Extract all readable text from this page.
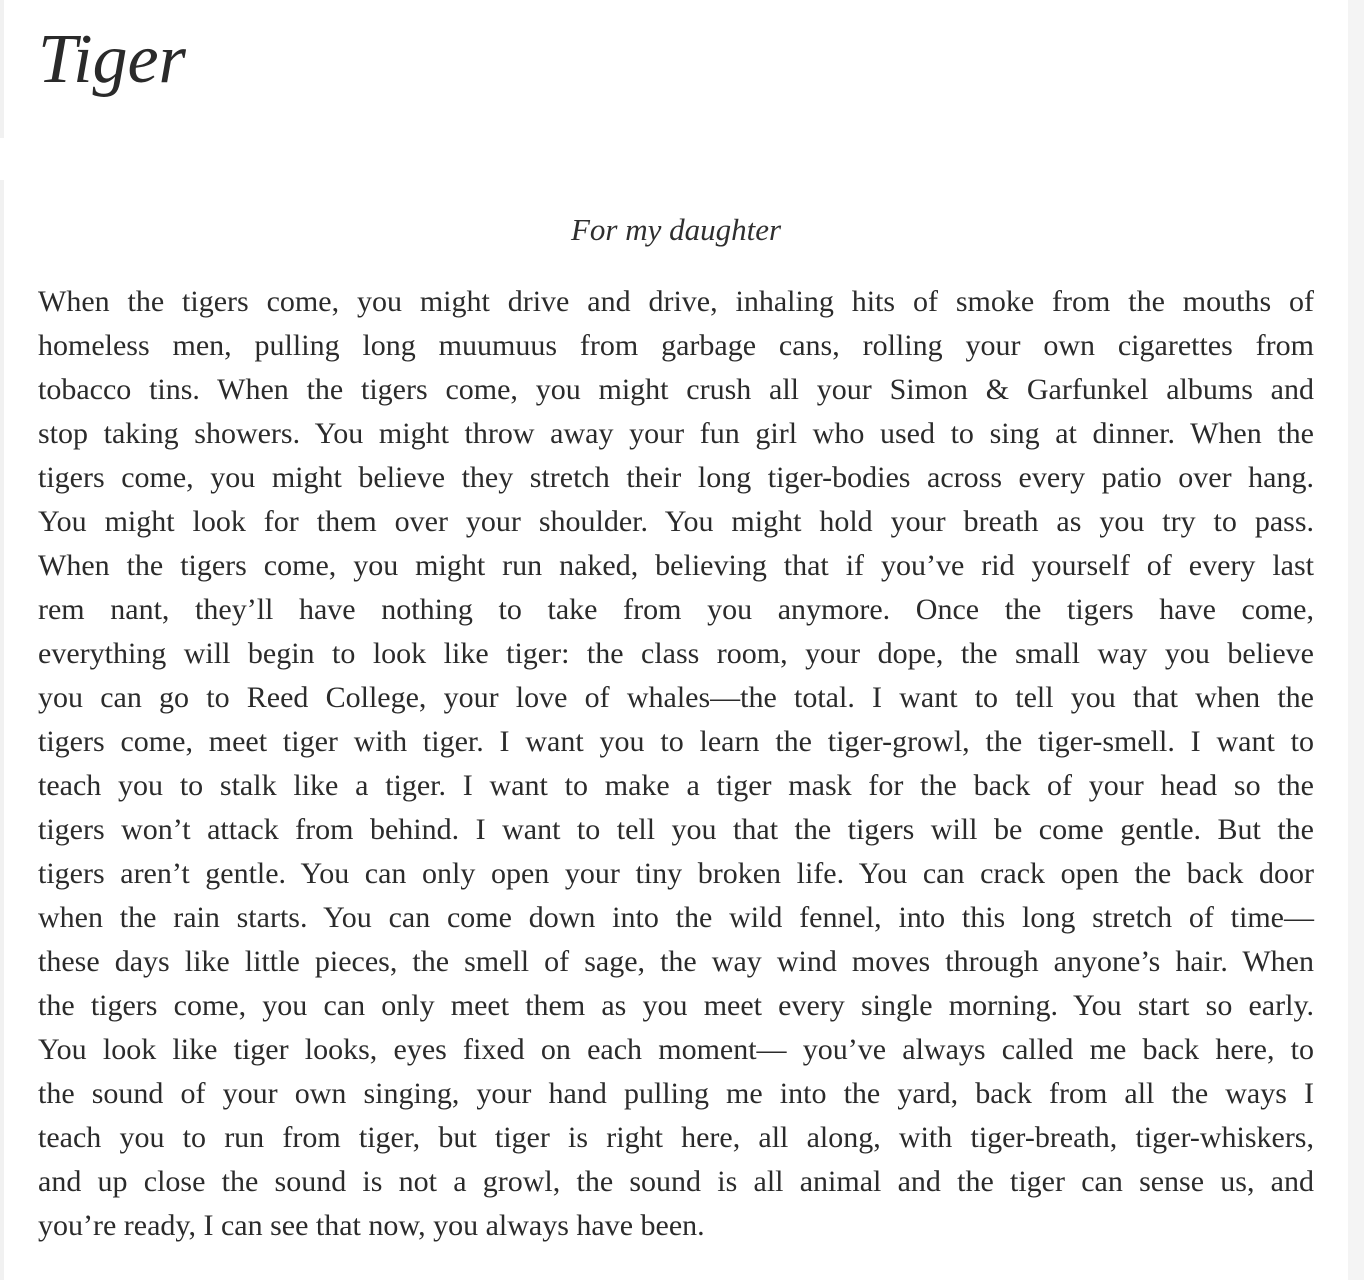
Tiger

For my daughter

When the tigers come, you might drive and drive, inhaling hits of smoke from the mouths of
homeless men, pulling long muumuus from garbage cans, rolling your own cigarettes from
tobacco tins. When the tigers come, you might crush all your Simon & Garfunkel albums and
stop taking showers. You might throw away your fun girl who used to sing at dinner. When the
tigers come, you might believe they stretch their long tiger-bodies across every patio over hang.
You might look for them over your shoulder. You might hold your breath as you try to pass.
When the tigers come, you might run naked, believing that if you’ve rid yourself of every last
rem nant, they’ll have nothing to take from you anymore. Once the tigers have come,
everything will begin to look like tiger: the class room, your dope, the small way you believe
you can go to Reed College, your love of whales—the total. I want to tell you that when the
tigers come, meet tiger with tiger. I want you to learn the tiger-growl, the tiger-smell. I want to
teach you to stalk like a tiger. I want to make a tiger mask for the back of your head so the
tigers won’t attack from behind. I want to tell you that the tigers will be come gentle. But the
tigers aren’t gentle. You can only open your tiny broken life. You can crack open the back door
when the rain starts. You can come down into the wild fennel, into this long stretch of time—
these days like little pieces, the smell of sage, the way wind moves through anyone’s hair. When
the tigers come, you can only meet them as you meet every single morning. You start so early.
You look like tiger looks, eyes fixed on each moment— you’ve always called me back here, to
the sound of your own singing, your hand pulling me into the yard, back from all the ways I
teach you to run from tiger, but tiger is right here, all along, with tiger-breath, tiger-whiskers,
and up close the sound is not a growl, the sound is all animal and the tiger can sense us, and
you’re ready, I can see that now, you always have been.
